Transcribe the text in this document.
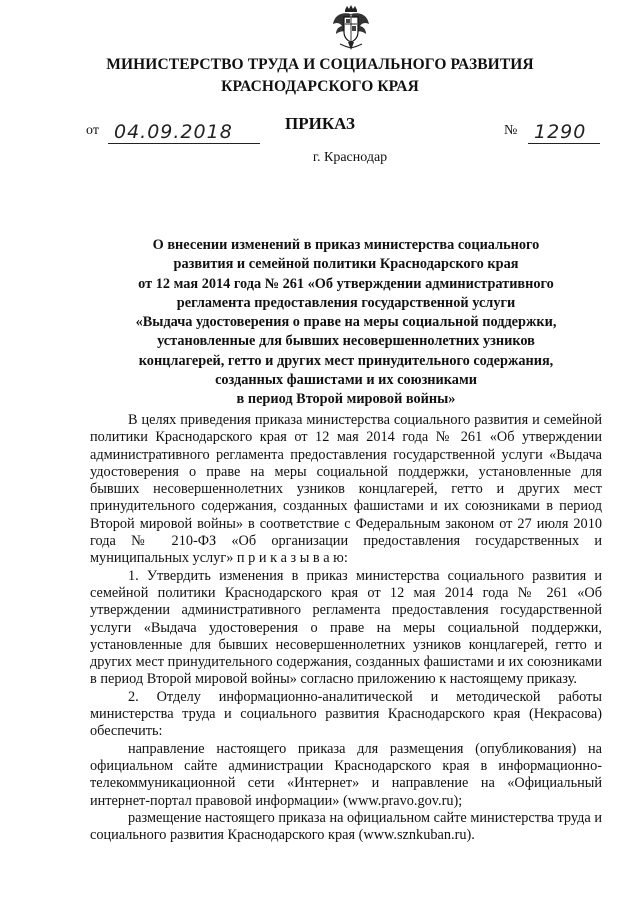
МИНИСТЕРСТВО ТРУДА И СОЦИАЛЬНОГО РАЗВИТИЯ
КРАСНОДАРСКОГО КРАЯ
ПРИКАЗ
от 04.09.2018	№ 1290
г. Краснодар
О внесении изменений в приказ министерства социального
развития и семейной политики Краснодарского края
от 12 мая 2014 года № 261 «Об утверждении административного
регламента предоставления государственной услуги
«Выдача удостоверения о праве на меры социальной поддержки,
установленные для бывших несовершеннолетних узников
концлагерей, гетто и других мест принудительного содержания,
созданных фашистами и их союзниками
в период Второй мировой войны»

В целях приведения приказа министерства социального развития и семейной политики Краснодарского края от 12 мая 2014 года № 261 «Об утверждении административного регламента предоставления государственной услуги «Выдача удостоверения о праве на меры социальной поддержки, установленные для бывших несовершеннолетних узников концлагерей, гетто и других мест принудительного содержания, созданных фашистами и их союзниками в период Второй мировой войны» в соответствие с Федеральным законом от 27 июля 2010 года № 210-ФЗ «Об организации предоставления государственных и муниципальных услуг» п р и к а з ы в а ю:

1. Утвердить изменения в приказ министерства социального развития и семейной политики Краснодарского края от 12 мая 2014 года № 261 «Об утверждении административного регламента предоставления государственной услуги «Выдача удостоверения о праве на меры социальной поддержки, установленные для бывших несовершеннолетних узников концлагерей, гетто и других мест принудительного содержания, созданных фашистами и их союзниками в период Второй мировой войны» согласно приложению к настоящему приказу.

2. Отделу информационно-аналитической и методической работы министерства труда и социального развития Краснодарского края (Некрасова) обеспечить:

направление настоящего приказа для размещения (опубликования) на официальном сайте администрации Краснодарского края в информационно-телекоммуникационной сети «Интернет» и направление на «Официальный интернет-портал правовой информации» (www.pravo.gov.ru);

размещение настоящего приказа на официальном сайте министерства труда и социального развития Краснодарского края (www.sznkuban.ru).
